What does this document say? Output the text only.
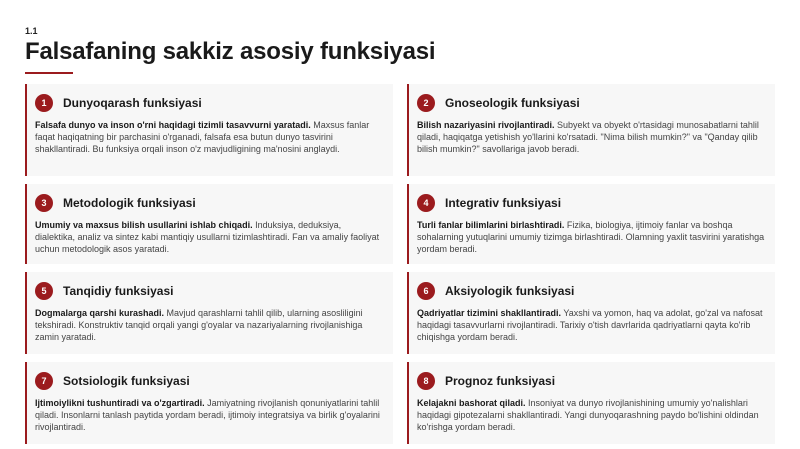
1.1
Falsafaning sakkiz asosiy funksiyasi
1	Dunyoqarash funksiyasi

Falsafa dunyo va inson o'rni haqidagi tizimli tasavvurni yaratadi. Maxsus fanlar faqat haqiqatning bir parchasini o'rganadi, falsafa esa butun dunyo tasvirini shakllantiradi. Bu funksiya orqali inson o'z mavjudligining ma'nosini anglaydi.

2	Gnoseologik funksiyasi

Bilish nazariyasini rivojlantiradi. Subyekt va obyekt o'rtasidagi munosabatlarni tahlil qiladi, haqiqatga yetishish yo'llarini ko'rsatadi. "Nima bilish mumkin?" va "Qanday qilib bilish mumkin?" savollariga javob beradi.

3	Metodologik funksiyasi

Umumiy va maxsus bilish usullarini ishlab chiqadi. Induksiya, deduksiya, dialektika, analiz va sintez kabi mantiqiy usullarni tizimlashtiradi. Fan va amaliy faoliyat uchun metodologik asos yaratadi.

4	Integrativ funksiyasi

Turli fanlar bilimlarini birlashtiradi. Fizika, biologiya, ijtimoiy fanlar va boshqa sohalarning yutuqlarini umumiy tizimga birlashtiradi. Olamning yaxlit tasvirini yaratishga yordam beradi.

5	Tanqidiy funksiyasi

Dogmalarga qarshi kurashadi. Mavjud qarashlarni tahlil qilib, ularning asosliligini tekshiradi. Konstruktiv tanqid orqali yangi g'oyalar va nazariyalarning rivojlanishiga zamin yaratadi.

6	Aksiyologik funksiyasi

Qadriyatlar tizimini shakllantiradi. Yaxshi va yomon, haq va adolat, go'zal va nafosat haqidagi tasavvurlarni rivojlantiradi. Tarixiy o'tish davrlarida qadriyatlarni qayta ko'rib chiqishga yordam beradi.

7	Sotsiologik funksiyasi

Ijtimoiylikni tushuntiradi va o'zgartiradi. Jamiyatning rivojlanish qonuniyatlarini tahlil qiladi. Insonlarni tanlash paytida yordam beradi, ijtimoiy integratsiya va birlik g'oyalarini rivojlantiradi.

8	Prognoz funksiyasi

Kelajakni bashorat qiladi. Insoniyat va dunyo rivojlanishining umumiy yo'nalishlari haqidagi gipotezalarni shakllantiradi. Yangi dunyoqarashning paydo bo'lishini oldindan ko'rishga yordam beradi.
